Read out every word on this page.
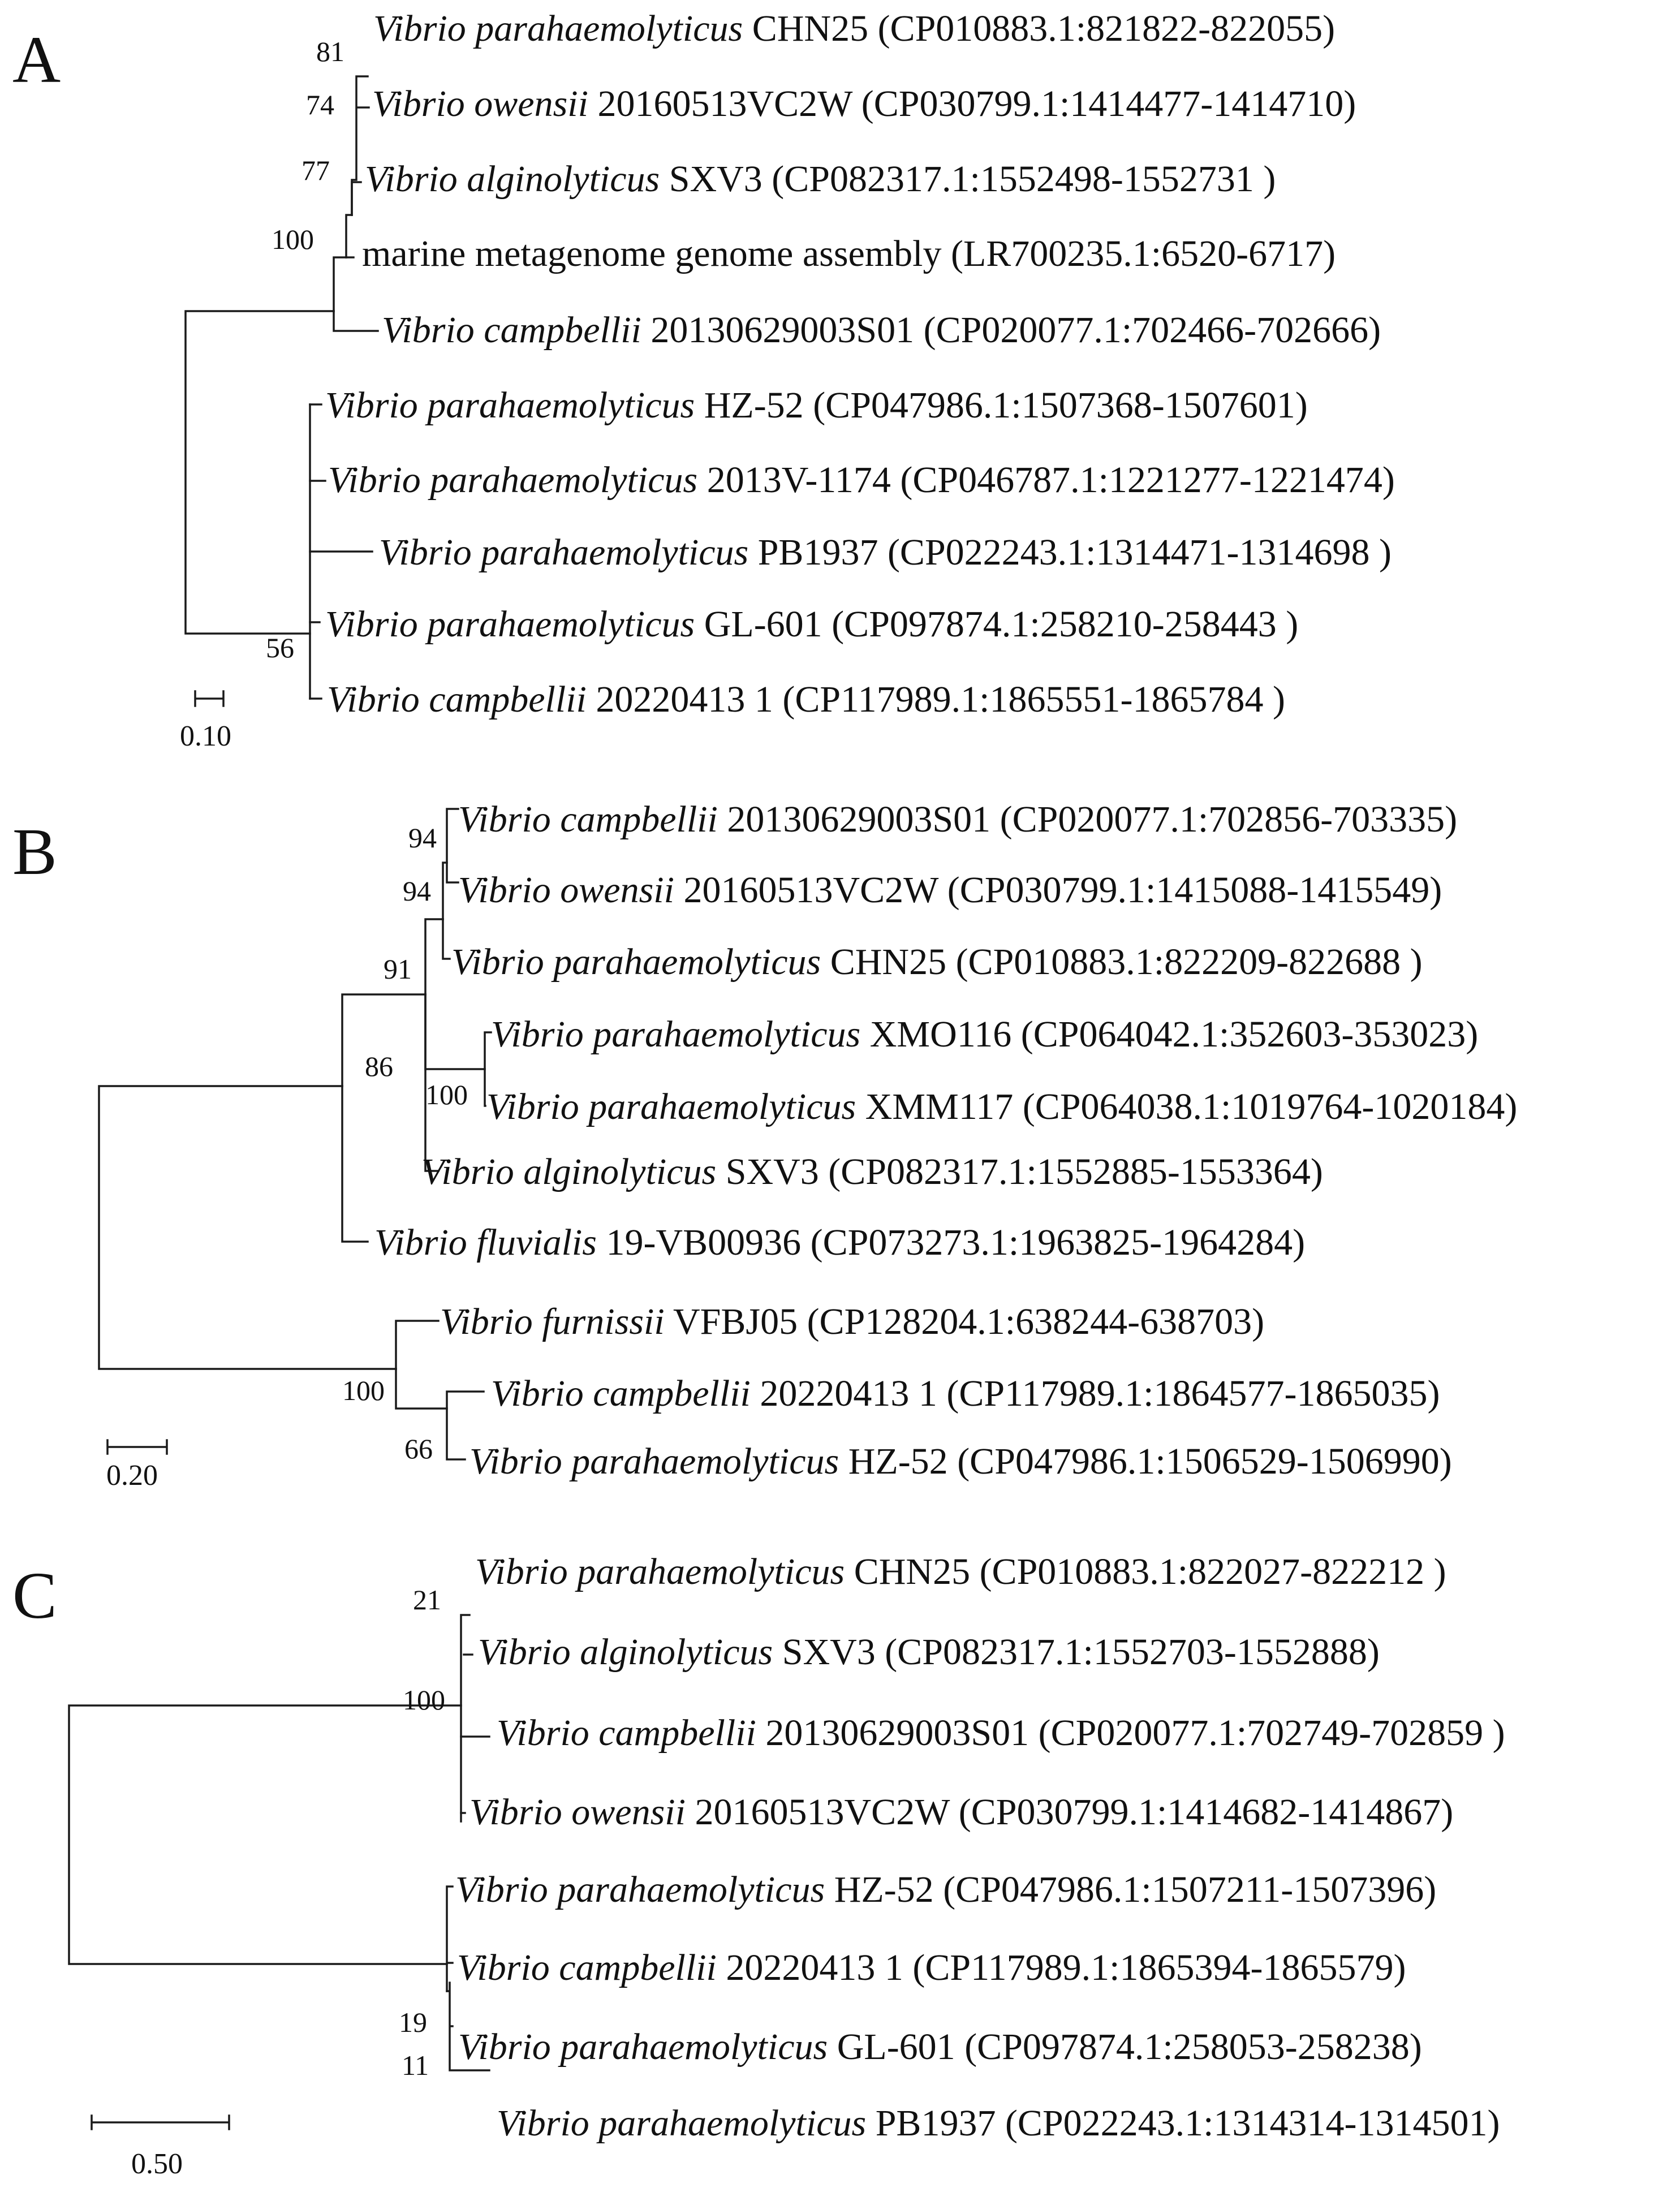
A	81
74
77
100
56
Vibrio parahaemolyticus CHN25 (CP010883.1:821822-822055)
Vibrio owensii 20160513VC2W (CP030799.1:1414477-1414710)
Vibrio alginolyticus SXV3 (CP082317.1:1552498-1552731 )
marine metagenome genome assembly (LR700235.1:6520-6717)
Vibrio campbellii 20130629003S01 (CP020077.1:702466-702666)
Vibrio parahaemolyticus HZ-52 (CP047986.1:1507368-1507601)
Vibrio parahaemolyticus 2013V-1174 (CP046787.1:1221277-1221474)
Vibrio parahaemolyticus PB1937 (CP022243.1:1314471-1314698 )
Vibrio parahaemolyticus GL-601 (CP097874.1:258210-258443 )
Vibrio campbellii 20220413 1 (CP117989.1:1865551-1865784 )
0.10
B	94
94
91
100
86
100
66
Vibrio campbellii 20130629003S01 (CP020077.1:702856-703335)
Vibrio owensii 20160513VC2W (CP030799.1:1415088-1415549)
Vibrio parahaemolyticus CHN25 (CP010883.1:822209-822688 )
Vibrio parahaemolyticus XMO116 (CP064042.1:352603-353023)
Vibrio parahaemolyticus XMM117 (CP064038.1:1019764-1020184)
Vibrio alginolyticus SXV3 (CP082317.1:1552885-1553364)
Vibrio fluvialis 19-VB00936 (CP073273.1:1963825-1964284)
Vibrio furnissii VFBJ05 (CP128204.1:638244-638703)
Vibrio campbellii 20220413 1 (CP117989.1:1864577-1865035)
Vibrio parahaemolyticus HZ-52 (CP047986.1:1506529-1506990)
0.20
C	21
100
19
11
Vibrio parahaemolyticus CHN25 (CP010883.1:822027-822212 )
Vibrio alginolyticus SXV3 (CP082317.1:1552703-1552888)
Vibrio campbellii 20130629003S01 (CP020077.1:702749-702859 )
Vibrio owensii 20160513VC2W (CP030799.1:1414682-1414867)
Vibrio parahaemolyticus HZ-52 (CP047986.1:1507211-1507396)
Vibrio campbellii 20220413 1 (CP117989.1:1865394-1865579)
Vibrio parahaemolyticus GL-601 (CP097874.1:258053-258238)
Vibrio parahaemolyticus PB1937 (CP022243.1:1314314-1314501)
0.50
